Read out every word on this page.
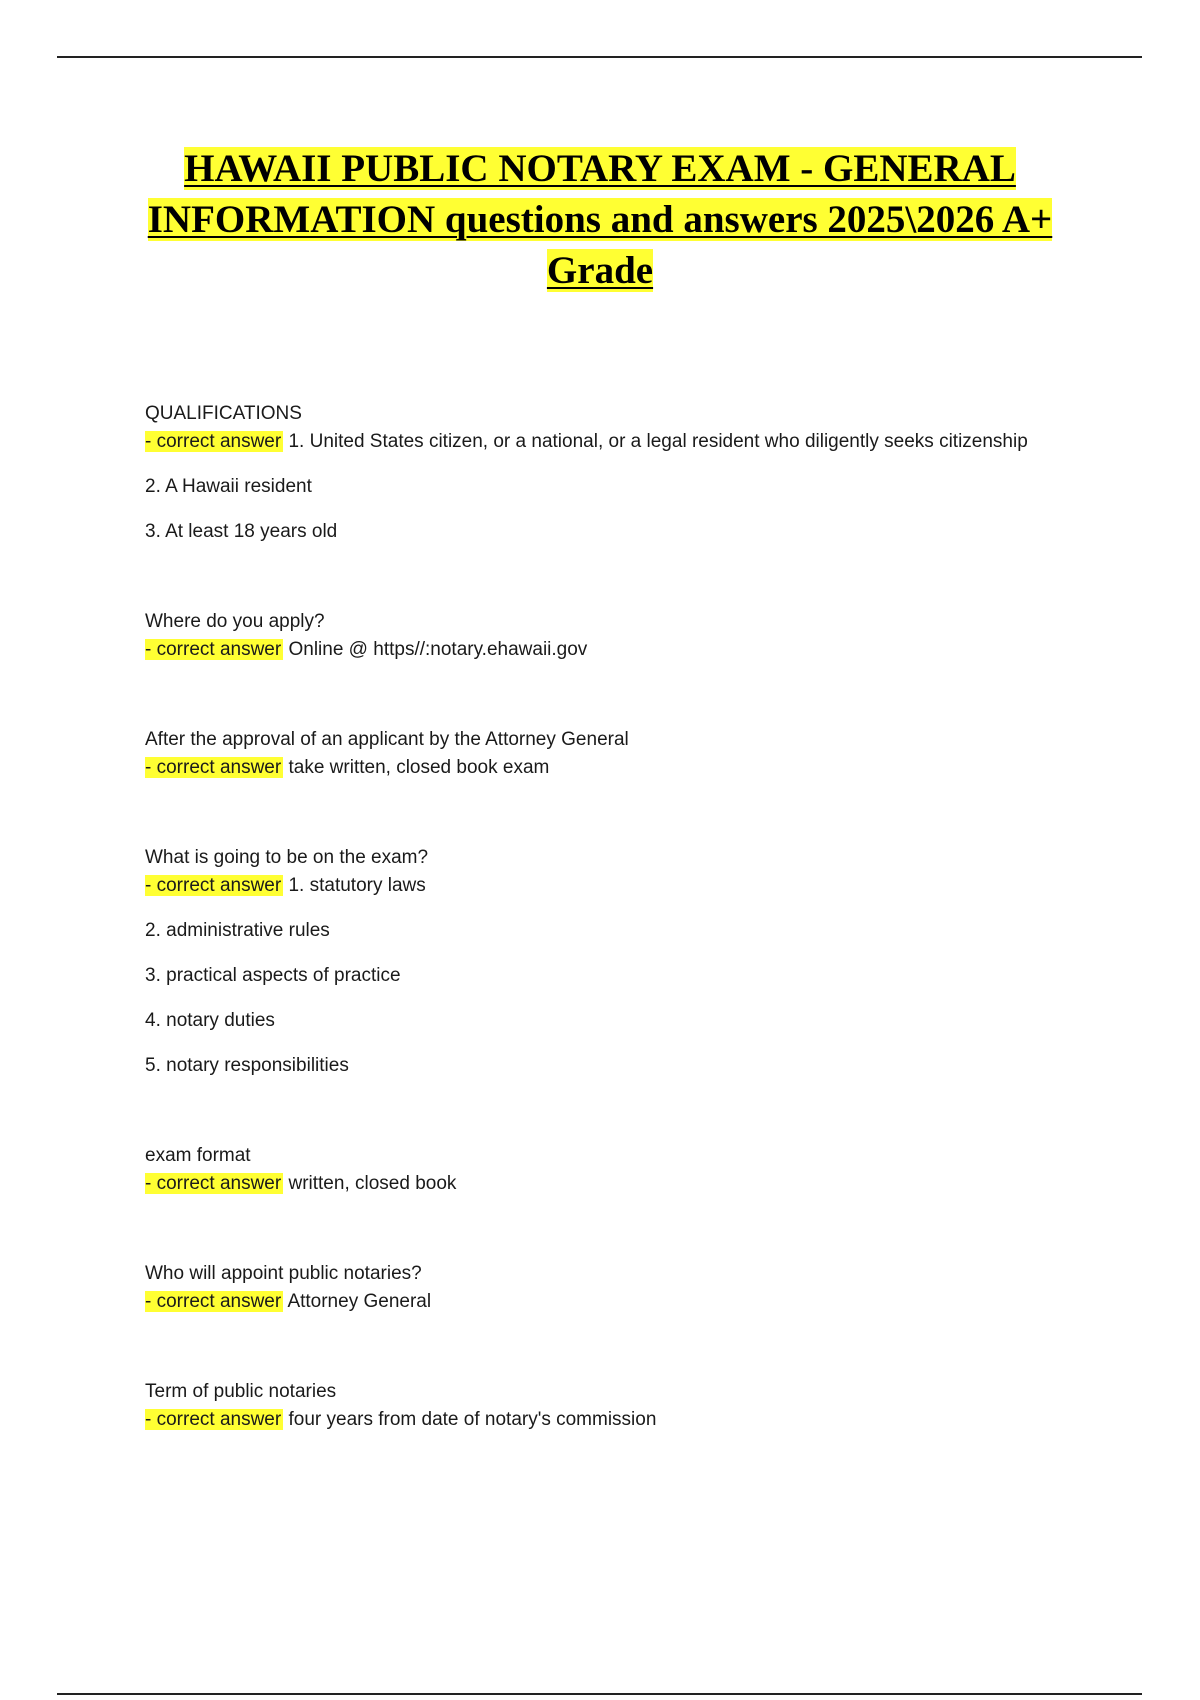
HAWAII PUBLIC NOTARY EXAM - GENERAL INFORMATION questions and answers 2025\2026 A+ Grade

QUALIFICATIONS

- correct answer 1. United States citizen, or a national, or a legal resident who diligently seeks citizenship

2. A Hawaii resident

3. At least 18 years old

Where do you apply?

- correct answer Online @ https//:notary.ehawaii.gov

After the approval of an applicant by the Attorney General

- correct answer take written, closed book exam

What is going to be on the exam?

- correct answer 1. statutory laws

2. administrative rules

3. practical aspects of practice

4. notary duties

5. notary responsibilities

exam format

- correct answer written, closed book

Who will appoint public notaries?

- correct answer Attorney General

Term of public notaries

- correct answer four years from date of notary's commission
